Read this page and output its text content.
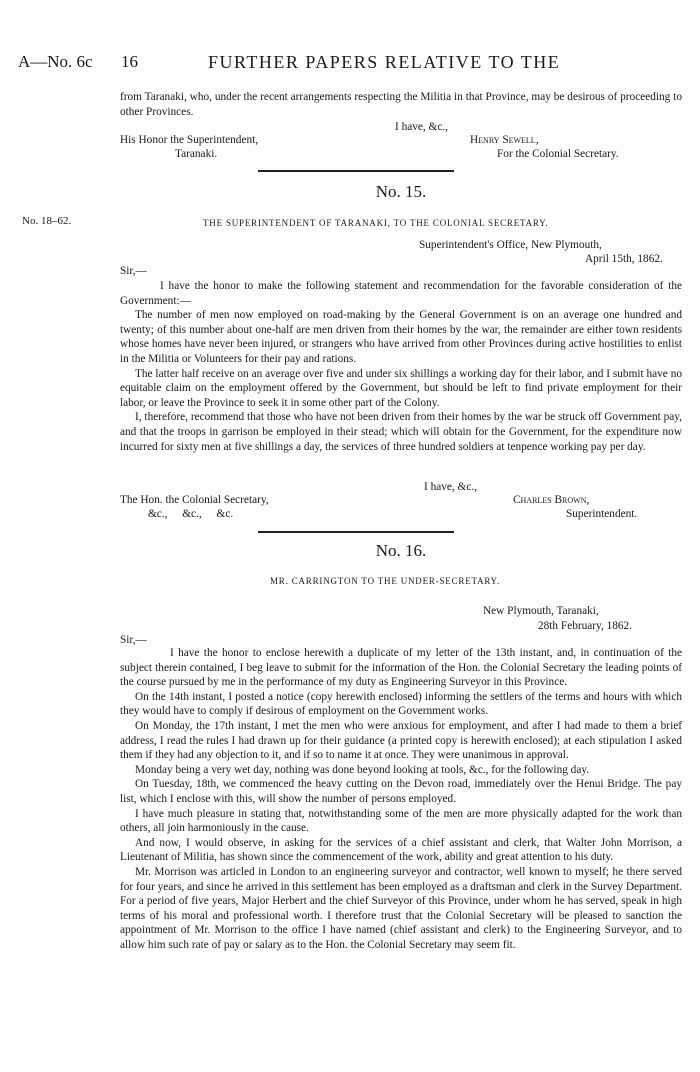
A—No. 6c 16	FURTHER PAPERS RELATIVE TO THE

from Taranaki, who, under the recent arrangements respecting the Militia in that Province, may be desirous of proceeding to other Provinces.

I have, &c.,
His Honor the Superintendent,
Taranaki.
Henry Sewell,
For the Colonial Secretary.
No. 15.
No. 18–62.	THE SUPERINTENDENT OF TARANAKI, TO THE COLONIAL SECRETARY.
Superintendent's Office, New Plymouth,
April 15th, 1862.
Sir,—

I have the honor to make the following statement and recommendation for the favorable consideration of the Government:—

The number of men now employed on road-making by the General Government is on an average one hundred and twenty; of this number about one-half are men driven from their homes by the war, the remainder are either town residents whose homes have never been injured, or strangers who have arrived from other Provinces during active hostilities to enlist in the Militia or Volunteers for their pay and rations.

The latter half receive on an average over five and under six shillings a working day for their labor, and I submit have no equitable claim on the employment offered by the Government, but should be left to find private employment for their labor, or leave the Province to seek it in some other part of the Colony.

I, therefore, recommend that those who have not been driven from their homes by the war be struck off Government pay, and that the troops in garrison be employed in their stead; which will obtain for the Government, for the expenditure now incurred for sixty men at five shillings a day, the services of three hundred soldiers at tenpence working pay per day.

I have, &c.,
The Hon. the Colonial Secretary,
&c., &c., &c.
Charles Brown,
Superintendent.
No. 16.
MR. CARRINGTON TO THE UNDER-SECRETARY.
New Plymouth, Taranaki,
28th February, 1862.
Sir,—

I have the honor to enclose herewith a duplicate of my letter of the 13th instant, and, in continuation of the subject therein contained, I beg leave to submit for the information of the Hon. the Colonial Secretary the leading points of the course pursued by me in the performance of my duty as Engineering Surveyor in this Province.

On the 14th instant, I posted a notice (copy herewith enclosed) informing the settlers of the terms and hours with which they would have to comply if desirous of employment on the Government works.

On Monday, the 17th instant, I met the men who were anxious for employment, and after I had made to them a brief address, I read the rules I had drawn up for their guidance (a printed copy is herewith enclosed); at each stipulation I asked them if they had any objection to it, and if so to name it at once. They were unanimous in approval.

Monday being a very wet day, nothing was done beyond looking at tools, &c., for the following day.

On Tuesday, 18th, we commenced the heavy cutting on the Devon road, immediately over the Henui Bridge. The pay list, which I enclose with this, will show the number of persons employed.

I have much pleasure in stating that, notwithstanding some of the men are more physically adapted for the work than others, all join harmoniously in the cause.

And now, I would observe, in asking for the services of a chief assistant and clerk, that Walter John Morrison, a Lieutenant of Militia, has shown since the commencement of the work, ability and great attention to his duty.

Mr. Morrison was articled in London to an engineering surveyor and contractor, well known to myself; he there served for four years, and since he arrived in this settlement has been employed as a draftsman and clerk in the Survey Department. For a period of five years, Major Herbert and the chief Surveyor of this Province, under whom he has served, speak in high terms of his moral and professional worth. I therefore trust that the Colonial Secretary will be pleased to sanction the appointment of Mr. Morrison to the office I have named (chief assistant and clerk) to the Engineering Surveyor, and to allow him such rate of pay or salary as to the Hon. the Colonial Secretary may seem fit.
